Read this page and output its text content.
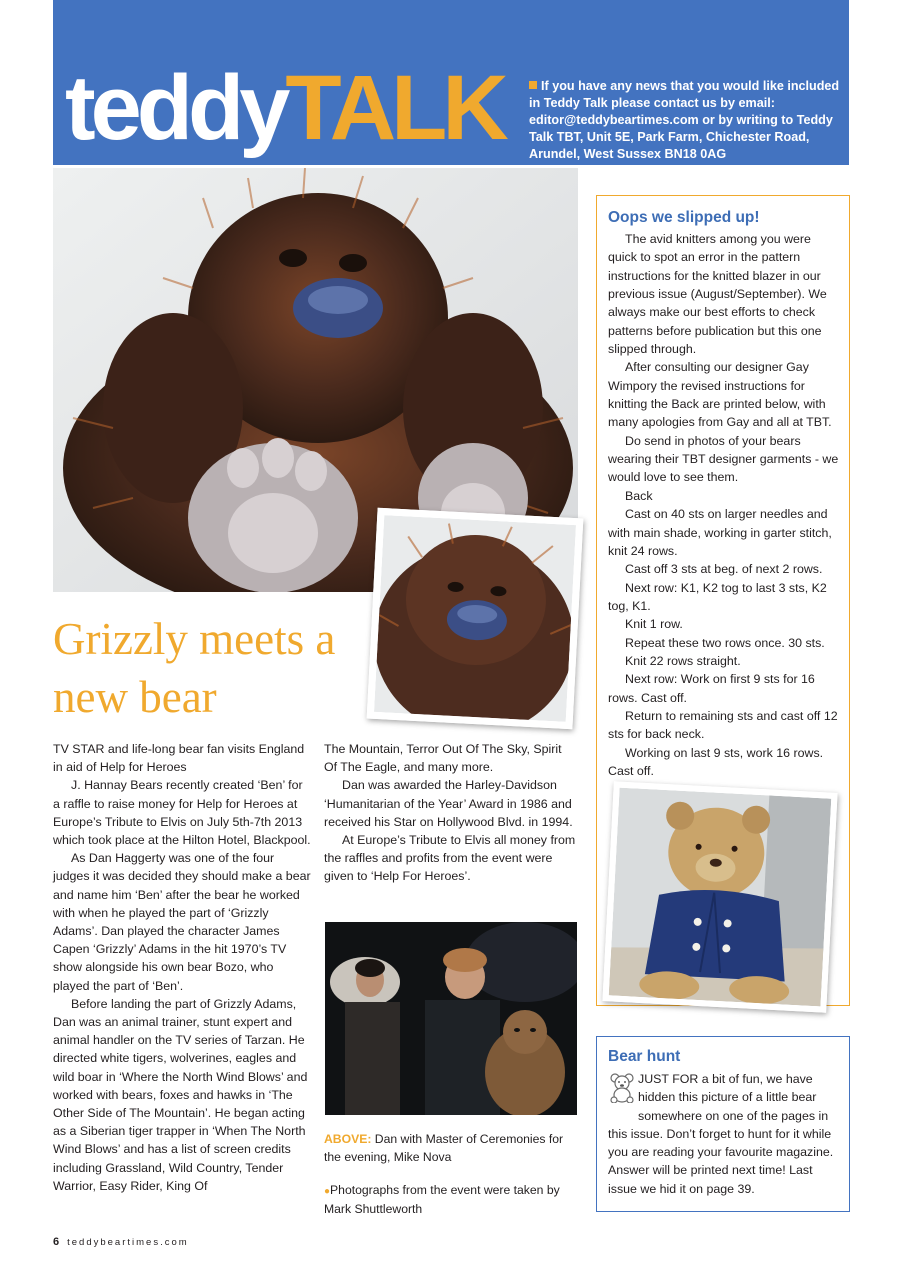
teddyTALK	If you have any news that you would like included in Teddy Talk please contact us by email: editor@teddybeartimes.com or by writing to Teddy Talk TBT, Unit 5E, Park Farm, Chichester Road, Arundel, West Sussex BN18 0AG
Grizzly meets a new bear

TV STAR and life-long bear fan visits England in aid of Help for Heroes

J. Hannay Bears recently created ‘Ben’ for a raffle to raise money for Help for Heroes at Europe’s Tribute to Elvis on July 5th-7th 2013 which took place at the Hilton Hotel, Blackpool.

As Dan Haggerty was one of the four judges it was decided they should make a bear and name him ‘Ben’ after the bear he worked with when he played the part of ‘Grizzly Adams’. Dan played the character James Capen ‘Grizzly’ Adams in the hit 1970’s TV show alongside his own bear Bozo, who played the part of ‘Ben’.

Before landing the part of Grizzly Adams, Dan was an animal trainer, stunt expert and animal handler on the TV series of Tarzan. He directed white tigers, wolverines, eagles and wild boar in ‘Where the North Wind Blows’ and worked with bears, foxes and hawks in ‘The Other Side of The Mountain’. He began acting as a Siberian tiger trapper in ‘When The North Wind Blows’ and has a list of screen credits including Grassland, Wild Country, Tender Warrior, Easy Rider, King Of

The Mountain, Terror Out Of The Sky, Spirit Of The Eagle, and many more.

Dan was awarded the Harley-Davidson ‘Humanitarian of the Year’ Award in 1986 and received his Star on Hollywood Blvd. in 1994.

At Europe’s Tribute to Elvis all money from the raffles and profits from the event were given to ‘Help For Heroes’.

ABOVE: Dan with Master of Ceremonies for the evening, Mike Nova

●Photographs from the event were taken by Mark Shuttleworth

Oops we slipped up!

The avid knitters among you were quick to spot an error in the pattern instructions for the knitted blazer in our previous issue (August/September). We always make our best efforts to check patterns before publication but this one slipped through.

After consulting our designer Gay Wimpory the revised instructions for knitting the Back are printed below, with many apologies from Gay and all at TBT.

Do send in photos of your bears wearing their TBT designer garments - we would love to see them.

Back

Cast on 40 sts on larger needles and with main shade, working in garter stitch, knit 24 rows.

Cast off 3 sts at beg. of next 2 rows.

Next row: K1, K2 tog to last 3 sts, K2 tog, K1.

Knit 1 row.

Repeat these two rows once. 30 sts.

Knit 22 rows straight.

Next row: Work on first 9 sts for 16 rows. Cast off.

Return to remaining sts and cast off 12 sts for back neck.

Working on last 9 sts, work 16 rows. Cast off.

Bear hunt
JUST FOR a bit of fun, we have
hidden this picture of a little bear
somewhere on one of the pages in
this issue. Don’t forget to hunt for it while you are reading your favourite magazine. Answer will be printed next time! Last issue we hid it on page 39.
6 teddybeartimes.com
